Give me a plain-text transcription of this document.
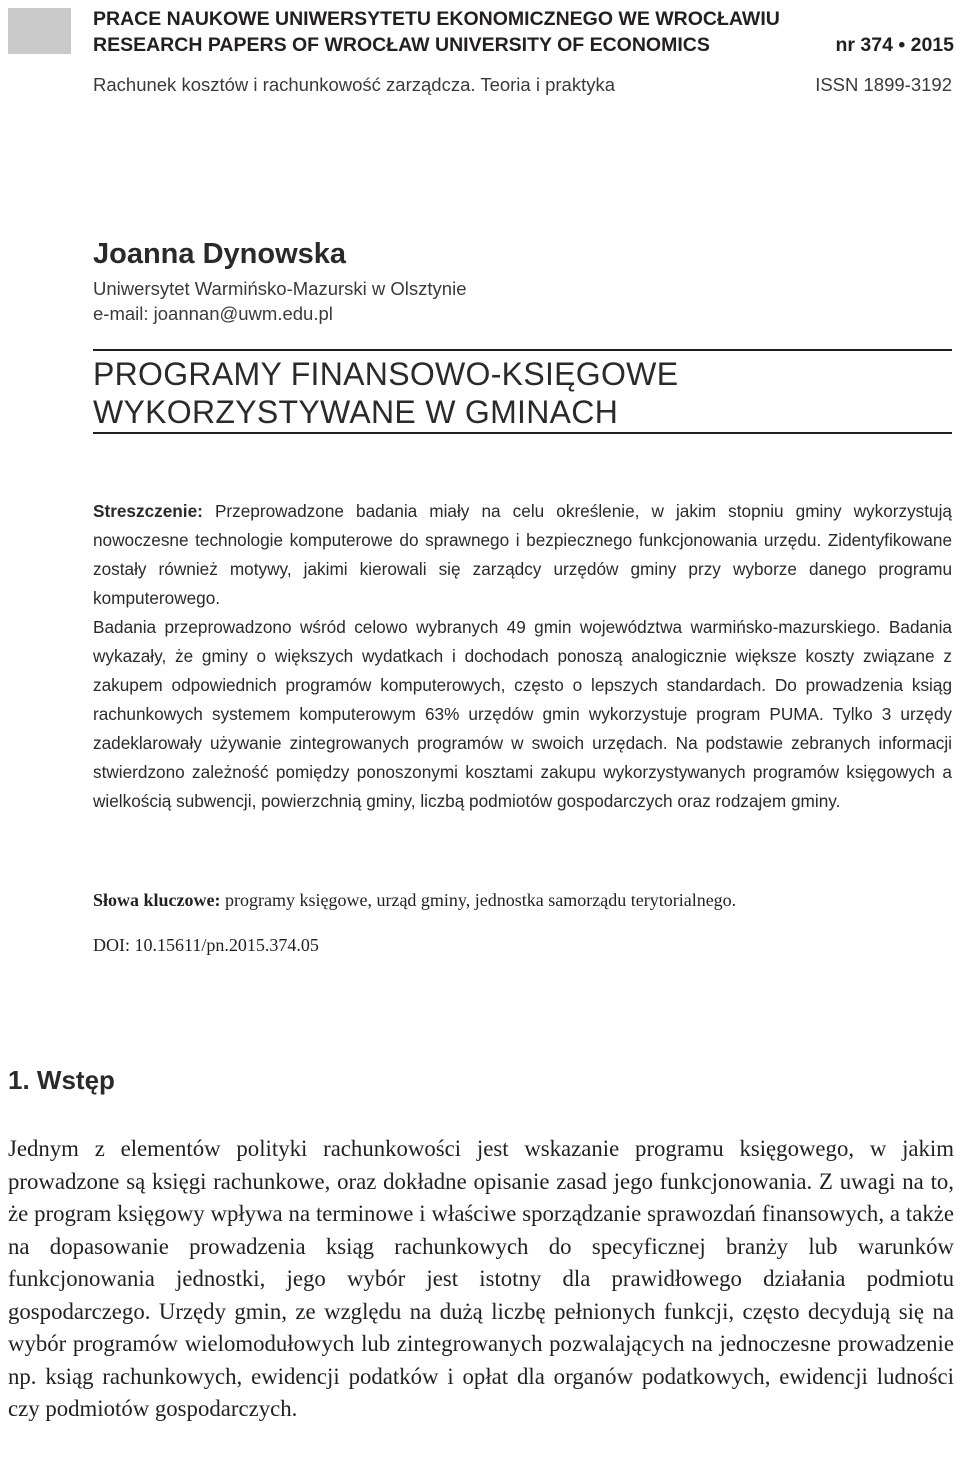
PRACE NAUKOWE UNIWERSYTETU EKONOMICZNEGO WE WROCŁAWIU
RESEARCH PAPERS OF WROCŁAW UNIVERSITY OF ECONOMICS	nr 374 • 2015
Rachunek kosztów i rachunkowość zarządcza. Teoria i praktyka	ISSN 1899-3192
Joanna Dynowska
Uniwersytet Warmińsko-Mazurski w Olsztynie
e-mail: joannan@uwm.edu.pl
PROGRAMY FINANSOWO-KSIĘGOWE
WYKORZYSTYWANE W GMINACH

Streszczenie: Przeprowadzone badania miały na celu określenie, w jakim stopniu gminy wykorzystują nowoczesne technologie komputerowe do sprawnego i bezpiecznego funkcjonowania urzędu. Zidentyfikowane zostały również motywy, jakimi kierowali się zarządcy urzędów gminy przy wyborze danego programu komputerowego.

Badania przeprowadzono wśród celowo wybranych 49 gmin województwa warmińsko-mazurskiego. Badania wykazały, że gminy o większych wydatkach i dochodach ponoszą analogicznie większe koszty związane z zakupem odpowiednich programów komputerowych, często o lepszych standardach. Do prowadzenia ksiąg rachunkowych systemem komputerowym 63% urzędów gmin wykorzystuje program PUMA. Tylko 3 urzędy zadeklarowały używanie zintegrowanych programów w swoich urzędach. Na podstawie zebranych informacji stwierdzono zależność pomiędzy ponoszonymi kosztami zakupu wykorzystywanych programów księgowych a wielkością subwencji, powierzchnią gminy, liczbą podmiotów gospodarczych oraz rodzajem gminy.

Słowa kluczowe: programy księgowe, urząd gminy, jednostka samorządu terytorialnego.
DOI: 10.15611/pn.2015.374.05
1. Wstęp

Jednym z elementów polityki rachunkowości jest wskazanie programu księgowego, w jakim prowadzone są księgi rachunkowe, oraz dokładne opisanie zasad jego funkcjonowania. Z uwagi na to, że program księgowy wpływa na terminowe i właściwe sporządzanie sprawozdań finansowych, a także na dopasowanie prowadzenia ksiąg rachunkowych do specyficznej branży lub warunków funkcjonowania jednostki, jego wybór jest istotny dla prawidłowego działania podmiotu gospodarczego. Urzędy gmin, ze względu na dużą liczbę pełnionych funkcji, często decydują się na wybór programów wielomodułowych lub zintegrowanych pozwalających na jednoczesne prowadzenie np. ksiąg rachunkowych, ewidencji podatków i opłat dla organów podatkowych, ewidencji ludności czy podmiotów gospodarczych.
